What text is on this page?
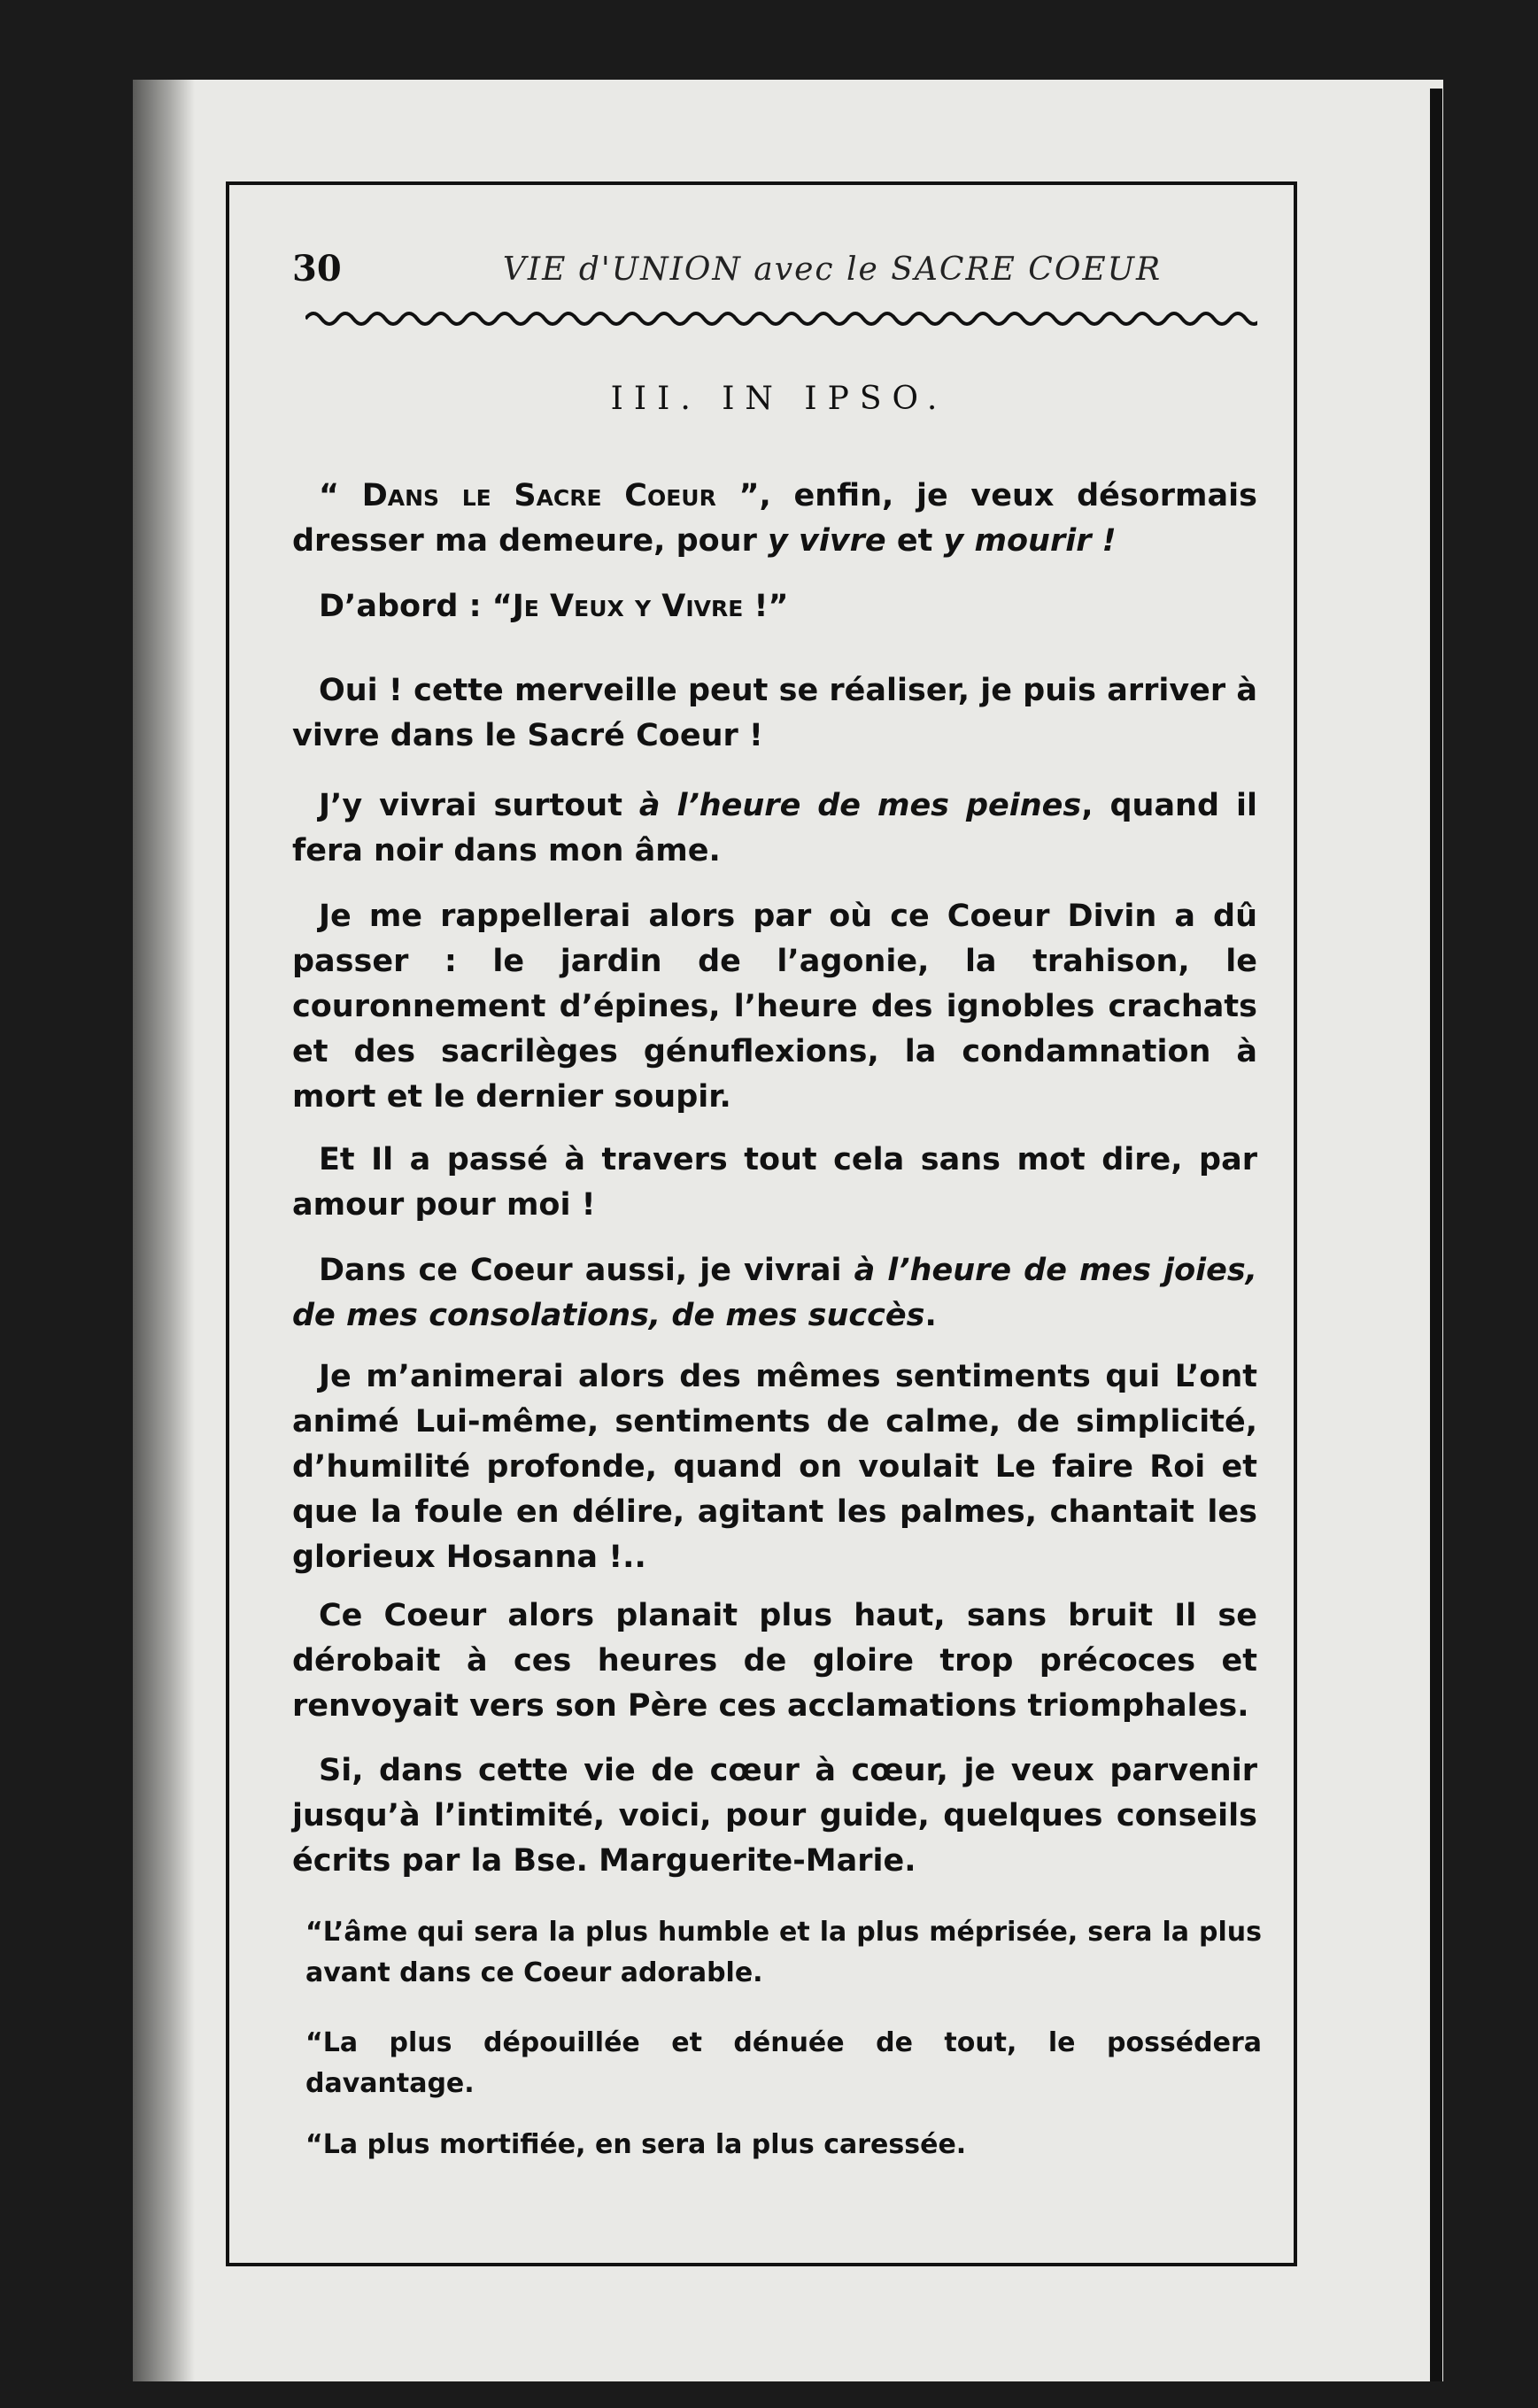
30	VIE d'UNION avec le SACRE COEUR
III. IN IPSO.

“ Dans le Sacre Coeur ”, enfin, je veux désormais dresser ma demeure, pour y vivre et y mourir !

D’abord : “Je Veux y Vivre !”

Oui ! cette merveille peut se réaliser, je puis arriver à vivre dans le Sacré Coeur !

J’y vivrai surtout à l’heure de mes peines, quand il fera noir dans mon âme.

Je me rappellerai alors par où ce Coeur Divin a dû passer : le jardin de l’agonie, la trahison, le couronnement d’épines, l’heure des ignobles crachats et des sacrilèges génuflexions, la condamnation à mort et le dernier soupir.

Et Il a passé à travers tout cela sans mot dire, par amour pour moi !

Dans ce Coeur aussi, je vivrai à l’heure de mes joies, de mes consolations, de mes succès.

Je m’animerai alors des mêmes sentiments qui L’ont animé Lui-même, sentiments de calme, de simplicité, d’humilité profonde, quand on voulait Le faire Roi et que la foule en délire, agitant les palmes, chantait les glorieux Hosanna !..

Ce Coeur alors planait plus haut, sans bruit Il se dérobait à ces heures de gloire trop précoces et renvoyait vers son Père ces acclamations triomphales.

Si, dans cette vie de cœur à cœur, je veux parvenir jusqu’à l’intimité, voici, pour guide, quelques conseils écrits par la Bse. Marguerite-Marie.

“L’âme qui sera la plus humble et la plus méprisée, sera la plus avant dans ce Coeur adorable.
“La plus dépouillée et dénuée de tout, le possédera davantage.
“La plus mortifiée, en sera la plus caressée.
